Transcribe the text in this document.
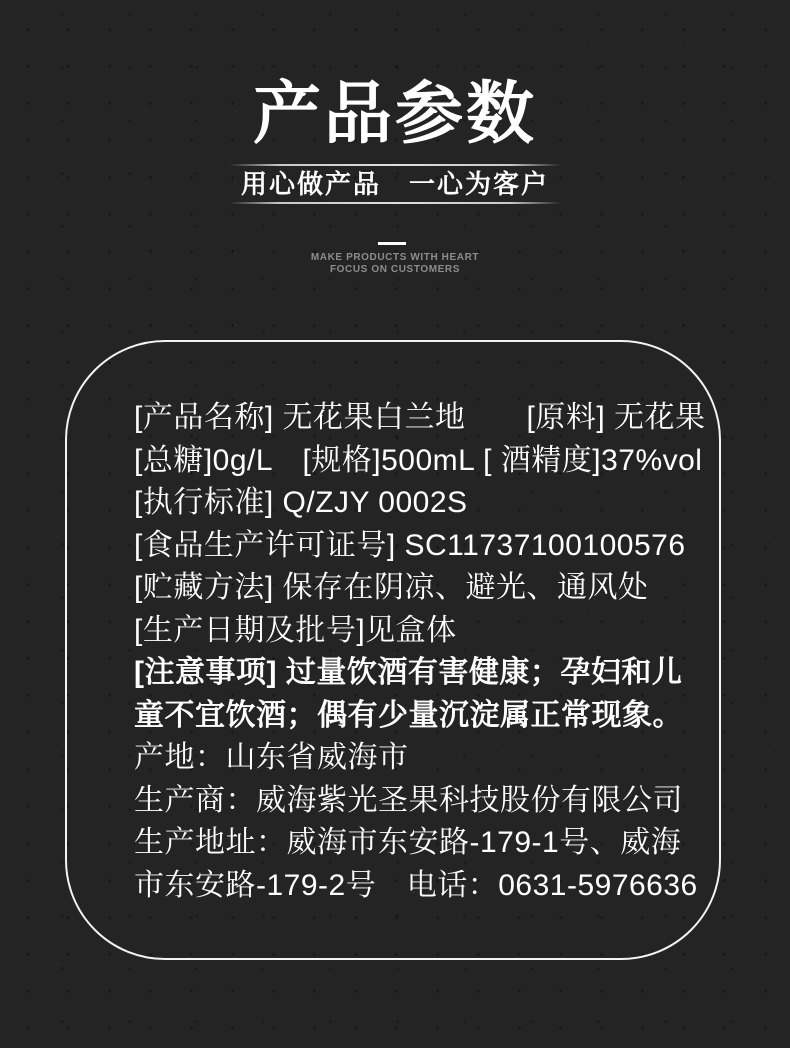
产品参数
用心做产品　一心为客户
MAKE PRODUCTS WITH HEART
FOCUS ON CUSTOMERS

[产品名称] 无花果白兰地　　[原料] 无花果

[总糖]0g/L　[规格]500mL [ 酒精度]37%vol

[执行标准] Q/ZJY 0002S

[食品生产许可证号] SC11737100100576

[贮藏方法] 保存在阴凉、避光、通风处

[生产日期及批号]见盒体

[注意事项] 过量饮酒有害健康；孕妇和儿

童不宜饮酒；偶有少量沉淀属正常现象。

产地：山东省威海市

生产商：威海紫光圣果科技股份有限公司

生产地址：威海市东安路-179-1号、威海

市东安路-179-2号　电话：0631-5976636
